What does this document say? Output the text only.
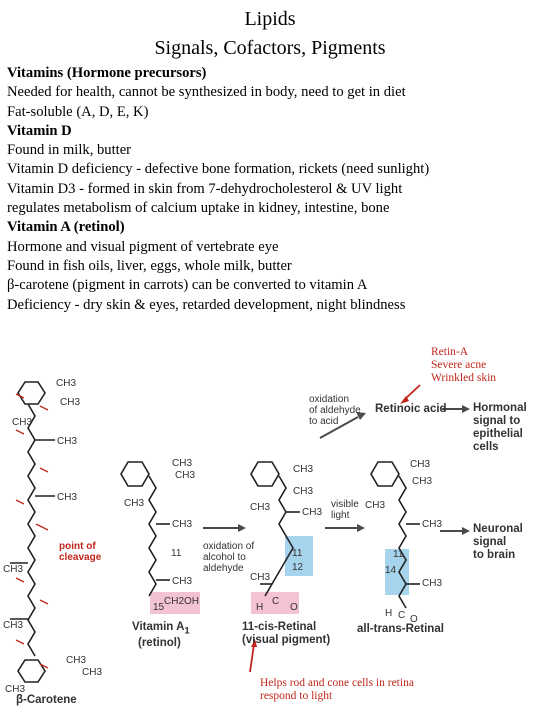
Lipids
Signals, Cofactors, Pigments
Vitamins (Hormone precursors)
Needed for health, cannot be synthesized in body, need to get in diet
Fat-soluble (A, D, E, K)
Vitamin D
Found in milk, butter
Vitamin D deficiency - defective bone formation, rickets (need sunlight)
Vitamin D3 - formed in skin from 7-dehydrocholesterol & UV light
regulates metabolism of calcium uptake in kidney, intestine, bone
Vitamin A (retinol)
Hormone and visual pigment of vertebrate eye
Found in fish oils, liver, eggs, whole milk, butter
β-carotene (pigment in carrots) can be converted to vitamin A
Deficiency - dry skin & eyes, retarded development, night blindness
Retin-A
Severe acne
Wrinkled skin
oxidation
of aldehyde
to acid
Retinoic acid Hormonal
signal to
epithelial
cells
oxidation of
alcohol to
aldehyde
visible
light
Neuronal
signal
to brain
point of
cleavage
CH3
CH3
CH3
CH3
CH3
CH3
CH3
CH3
CH3
CH3
CH3
CH3
CH3
CH3
CH3
CH3
CH3
CH3	CH3
CH3
CH3
CH3
CH3
CH3
CH3
11
15
CH2OH
11
12
H
C
O
11
14
H C O
Vitamin $A_1$
(retinol)
11-cis-Retinal
(visual pigment)
all-trans-Retinal
β-Carotene
Helps rod and cone cells in retina
respond to light
